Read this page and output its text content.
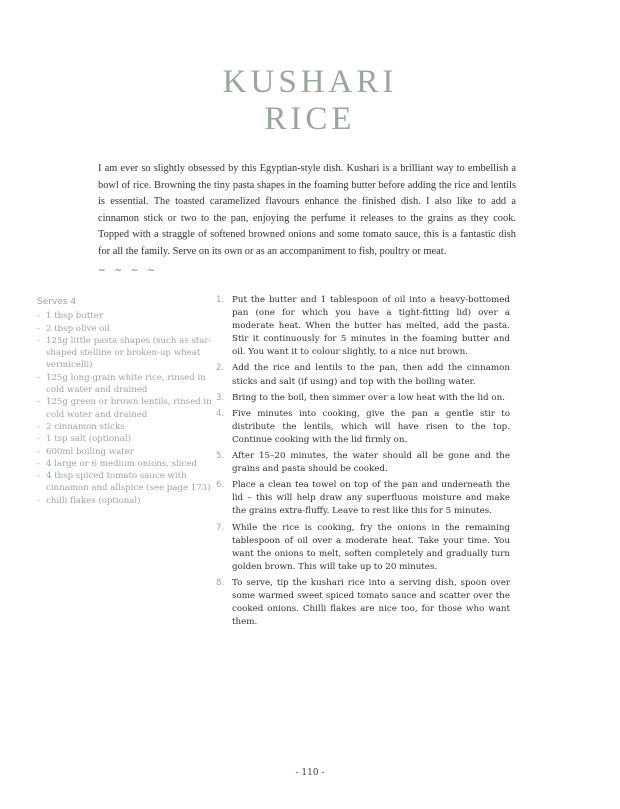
KUSHARI
RICE

I am ever so slightly obsessed by this Egyptian-style dish. Kushari is a brilliant way to embellish a bowl of rice. Browning the tiny pasta shapes in the foaming butter before adding the rice and lentils is essential. The toasted caramelized flavours enhance the finished dish. I also like to add a cinnamon stick or two to the pan, enjoying the perfume it releases to the grains as they cook. Topped with a straggle of softened browned onions and some tomato sauce, this is a fantastic dish for all the family. Serve on its own or as an accompaniment to fish, poultry or meat.

~ ~ ~ ~
Serves 4
- 1 tbsp butter
- 2 tbsp olive oil
- 125g little pasta shapes (such as star-shaped stelline or broken-up wheat vermicelli)
- 125g long-grain white rice, rinsed in cold water and drained
- 125g green or brown lentils, rinsed in cold water and drained
- 2 cinnamon sticks
- 1 tsp salt (optional)
- 600ml boiling water
- 4 large or 6 medium onions, sliced
- 4 tbsp spiced tomato sauce with cinnamon and allspice (see page 173)
- chilli flakes (optional)
1. Put the butter and 1 tablespoon of oil into a heavy-bottomed pan (one for which you have a tight-fitting lid) over a moderate heat. When the butter has melted, add the pasta. Stir it continuously for 5 minutes in the foaming butter and oil. You want it to colour slightly, to a nice nut brown.
2. Add the rice and lentils to the pan, then add the cinnamon sticks and salt (if using) and top with the boiling water.
3. Bring to the boil, then simmer over a low heat with the lid on.
4. Five minutes into cooking, give the pan a gentle stir to distribute the lentils, which will have risen to the top. Continue cooking with the lid firmly on.
5. After 15–20 minutes, the water should all be gone and the grains and pasta should be cooked.
6. Place a clean tea towel on top of the pan and underneath the lid – this will help draw any superfluous moisture and make the grains extra-fluffy. Leave to rest like this for 5 minutes.
7. While the rice is cooking, fry the onions in the remaining tablespoon of oil over a moderate heat. Take your time. You want the onions to melt, soften completely and gradually turn golden brown. This will take up to 20 minutes.
8. To serve, tip the kushari rice into a serving dish, spoon over some warmed sweet spiced tomato sauce and scatter over the cooked onions. Chilli flakes are nice too, for those who want them.
- 110 -
